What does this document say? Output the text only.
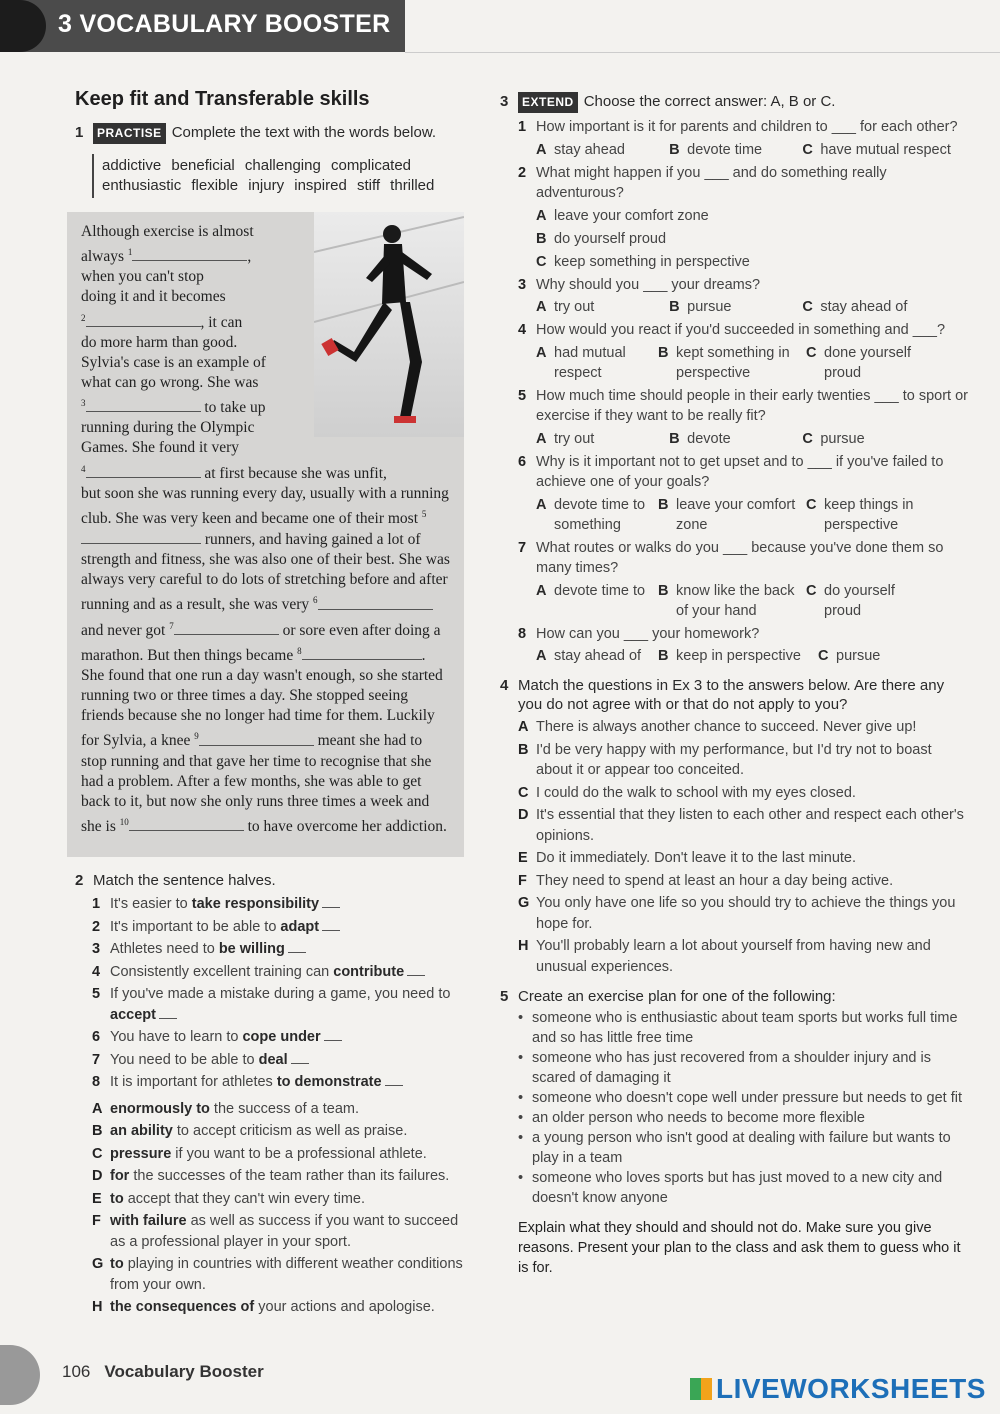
3 VOCABULARY BOOSTER
Keep fit and Transferable skills
1	PRACTISE Complete the text with the words below.
addictive beneficial challenging complicated enthusiastic flexible injury inspired stiff thrilled

Although exercise is almost

always $^1$	,

when you can't stop

doing it and it becomes

$^2$	, it can

do more harm than good.

Sylvia's case is an example of

what can go wrong. She was

$^3$	to take up

running during the Olympic

Games. She found it very

$^4$	at first because she was unfit,

but soon she was running every day, usually with a running club. She was very keen and became one of their most $^5$ runners, and having gained a lot of strength and fitness, she was also one of their best. She was always very careful to do lots of stretching before and after running and as a result, she was very $^6$ and never got $^7$	or sore even after doing a marathon. But then things became $^8$	. She found that one run a day wasn't enough, so she started running two or three times a day. She stopped seeing friends because she no longer had time for them. Luckily for Sylvia, a knee $^9$	meant she had to stop running and that gave her time to recognise that she had a problem. After a few months, she was able to get back to it, but now she only runs three times a week and she is $^{10}$	to have overcome her addiction.

2 Match the sentence halves.
1 It's easier to take responsibility
2 It's important to be able to adapt
3 Athletes need to be willing
4 Consistently excellent training can contribute
5 If you've made a mistake during a game, you need to accept
6 You have to learn to cope under
7 You need to be able to deal
8 It is important for athletes to demonstrate
A enormously to the success of a team.
B an ability to accept criticism as well as praise.
C pressure if you want to be a professional athlete.
D for the successes of the team rather than its failures.
E to accept that they can't win every time.
F with failure as well as success if you want to succeed as a professional player in your sport.
G to playing in countries with different weather conditions from your own.
H the consequences of your actions and apologise.
3	EXTEND Choose the correct answer: A, B or C.
1 How important is it for parents and children to ___ for each other?
A stay ahead	B devote time	C have mutual respect
2 What might happen if you ___ and do something really adventurous?
A leave your comfort zone
B do yourself proud
C keep something in perspective
3 Why should you ___ your dreams?
A try out	B pursue	C stay ahead of
4 How would you react if you'd succeeded in something and ___?
A had mutual respect
B kept something in perspective
C done yourself proud
5 How much time should people in their early twenties ___ to sport or exercise if they want to be really fit?
A try out	B devote	C pursue
6 Why is it important not to get upset and to ___ if you've failed to achieve one of your goals?
A devote time to something
B leave your comfort zone
C keep things in perspective
7 What routes or walks do you ___ because you've done them so many times?
A devote time to B know like the back of your hand
C do yourself proud
8 How can you ___ your homework?
A stay ahead of B keep in perspective C pursue
4 Match the questions in Ex 3 to the answers below. Are there any you do not agree with or that do not apply to you?
A There is always another chance to succeed. Never give up!
B I'd be very happy with my performance, but I'd try not to boast about it or appear too conceited.
C I could do the walk to school with my eyes closed.
D It's essential that they listen to each other and respect each other's opinions.
E Do it immediately. Don't leave it to the last minute.
F They need to spend at least an hour a day being active.
G You only have one life so you should try to achieve the things you hope for.
H You'll probably learn a lot about yourself from having new and unusual experiences.
5 Create an exercise plan for one of the following:
• someone who is enthusiastic about team sports but works full time and so has little free time
• someone who has just recovered from a shoulder injury and is scared of damaging it
• someone who doesn't cope well under pressure but needs to get fit
• an older person who needs to become more flexible
• a young person who isn't good at dealing with failure but wants to play in a team
• someone who loves sports but has just moved to a new city and doesn't know anyone

Explain what they should and should not do. Make sure you give reasons. Present your plan to the class and ask them to guess who it is for.

106 Vocabulary Booster
LIVEWORKSHEETS
